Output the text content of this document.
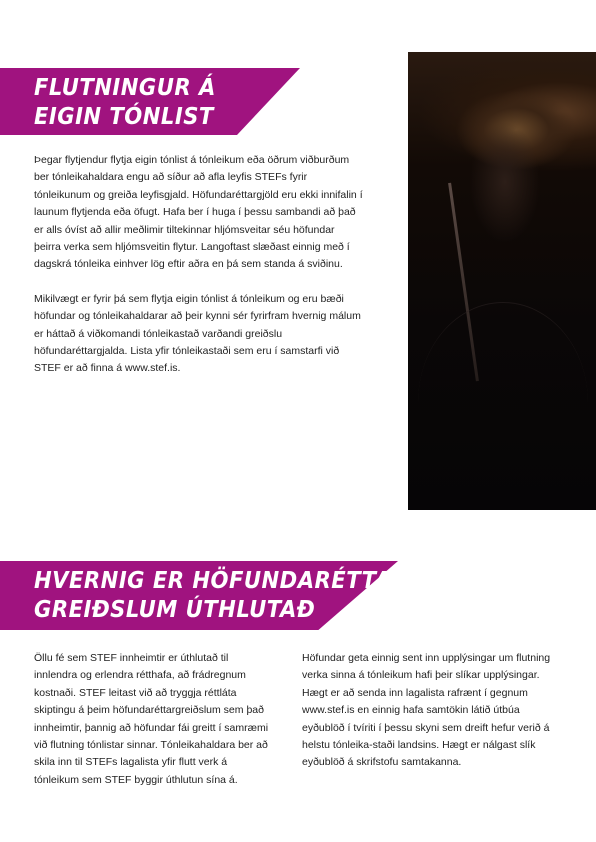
FLUTNINGUR Á
EIGIN TÓNLIST

Þegar flytjendur flytja eigin tónlist á tónleikum eða öðrum viðburðum ber tónleikahaldara engu að síður að afla leyfis STEFs fyrir tónleikunum og greiða leyfisgjald. Höfundaréttargjöld eru ekki innifalin í launum flytjenda eða öfugt. Hafa ber í huga í þessu sambandi að það er alls óvíst að allir meðlimir tiltekinnar hljómsveitar séu höfundar þeirra verka sem hljómsveitin flytur. Langoftast slæðast einnig með í dagskrá tónleika einhver lög eftir aðra en þá sem standa á sviðinu.

Mikilvægt er fyrir þá sem flytja eigin tónlist á tónleikum og eru bæði höfundar og tónleikahaldarar að þeir kynni sér fyrirfram hvernig málum er háttað á viðkomandi tónleikastað varðandi greiðslu höfundaréttargjalda. Lista yfir tónleikastaði sem eru í samstarfi við STEF er að finna á www.stef.is.

HVERNIG ER HÖFUNDARÉTTAR-
GREIÐSLUM ÚTHLUTAÐ

Öllu fé sem STEF innheimtir er úthlutað til innlendra og erlendra rétthafa, að frádregnum kostnaði. STEF leitast við að tryggja réttláta skiptingu á þeim höfundaréttargreiðslum sem það innheimtir, þannig að höfundar fái greitt í samræmi við flutning tónlistar sinnar. Tónleikahaldara ber að skila inn til STEFs lagalista yfir flutt verk á tónleikum sem STEF byggir úthlutun sína á.

Höfundar geta einnig sent inn upplýsingar um flutning verka sinna á tónleikum hafi þeir slíkar upplýsingar. Hægt er að senda inn lagalista rafrænt í gegnum www.stef.is en einnig hafa samtökin látið útbúa eyðublöð í tvíriti í þessu skyni sem dreift hefur verið á helstu tónleika-staði landsins. Hægt er nálgast slík eyðublöð á skrifstofu samtakanna.
